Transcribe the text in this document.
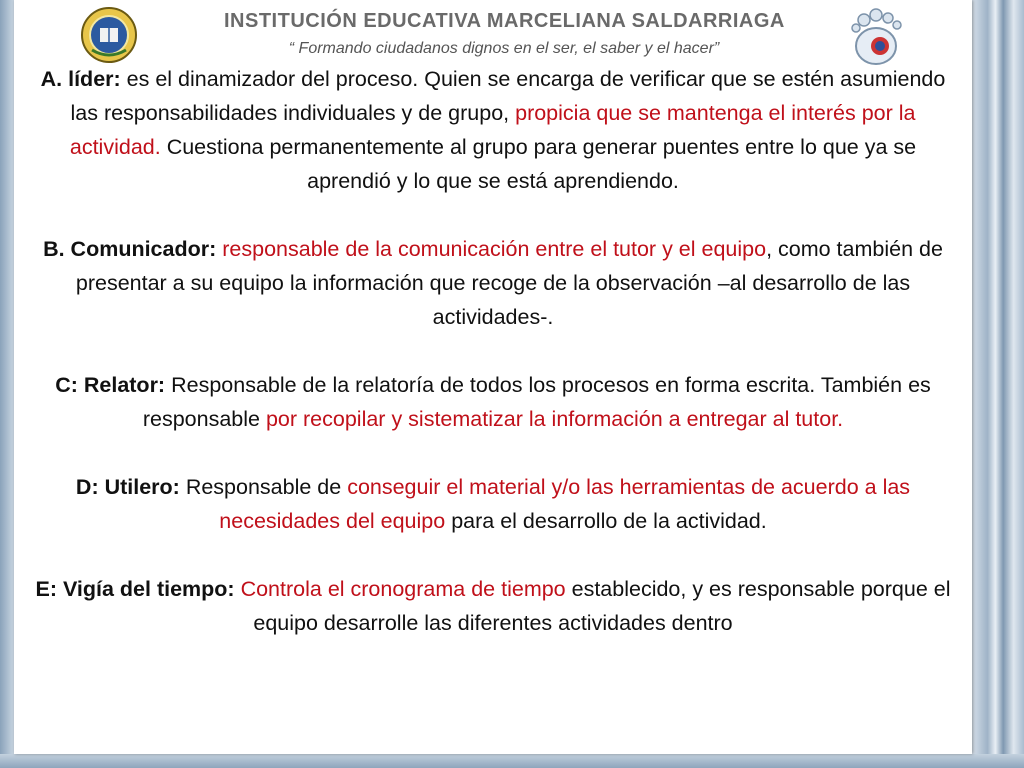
INSTITUCIÓN EDUCATIVA MARCELIANA SALDARRIAGA
“ Formando ciudadanos dignos en el ser, el saber y el hacer”

A. líder: es el dinamizador del proceso. Quien se encarga de verificar que se estén asumiendo las responsabilidades individuales y de grupo, propicia que se mantenga el interés por la actividad. Cuestiona permanentemente al grupo para generar puentes entre lo que ya se aprendió y lo que se está aprendiendo.

B. Comunicador: responsable de la comunicación entre el tutor y el equipo, como también de presentar a su equipo la información que recoge de la observación –al desarrollo de las actividades-.

C: Relator: Responsable de la relatoría de todos los procesos en forma escrita. También es responsable por recopilar y sistematizar la información a entregar al tutor.

D: Utilero: Responsable de conseguir el material y/o las herramientas de acuerdo a las necesidades del equipo para el desarrollo de la actividad.

E: Vigía del tiempo: Controla el cronograma de tiempo establecido, y es responsable porque el equipo desarrolle las diferentes actividades dentro
